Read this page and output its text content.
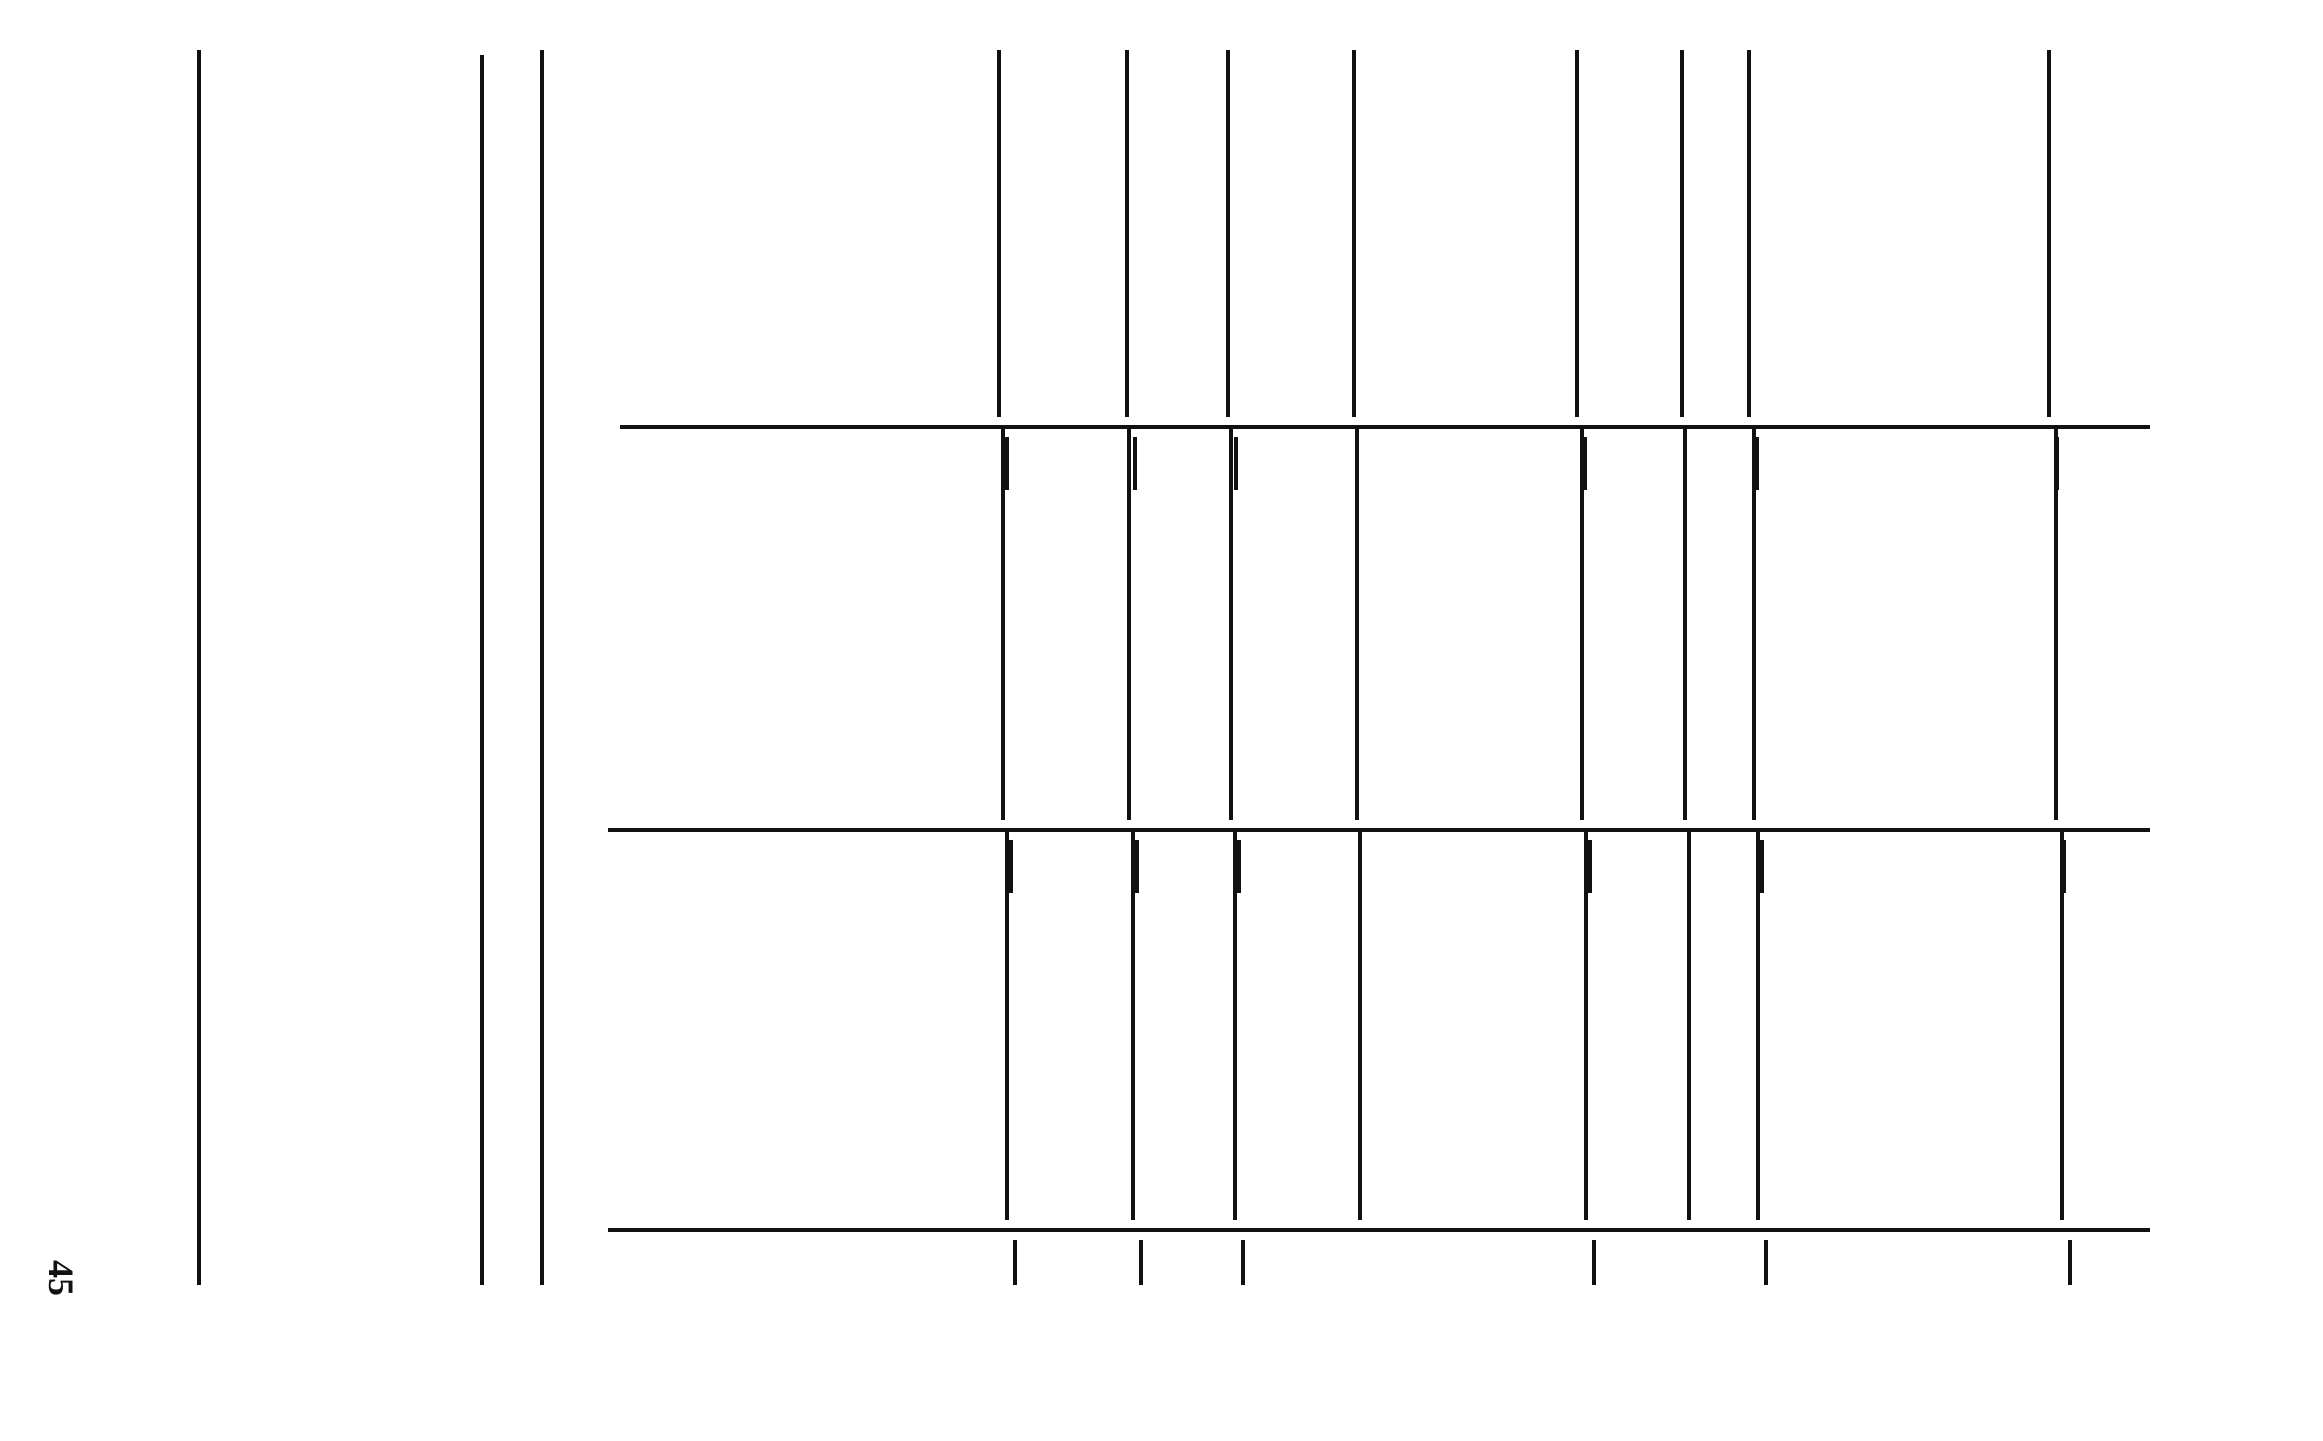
45
